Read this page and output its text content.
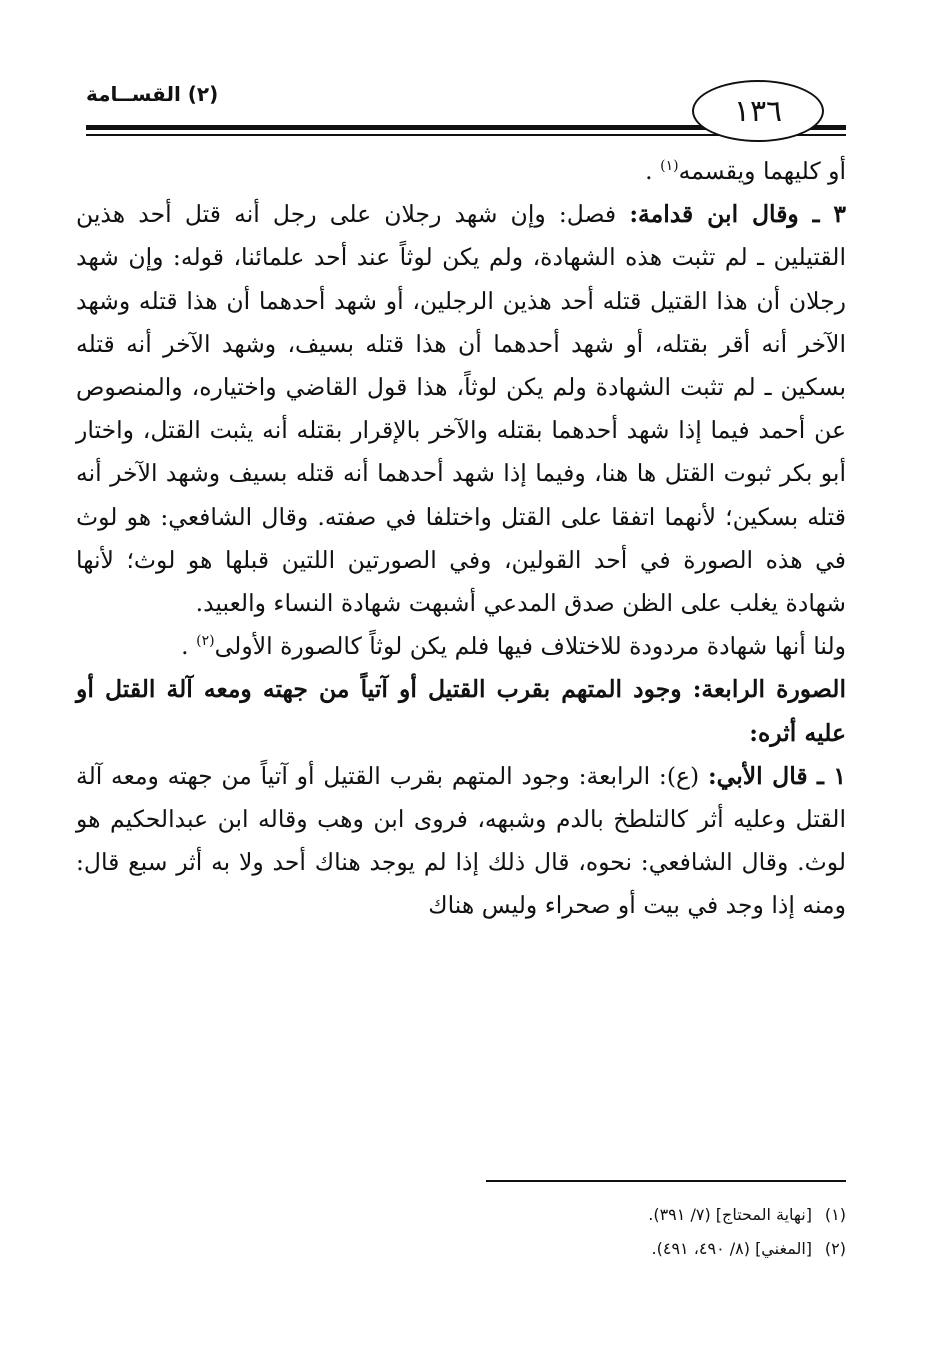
١٣٦
(٢) القســامة

أو كليهما ويقسمه$^{(١)}$ .

٣ ـ وقال ابن قدامة: فصل: وإن شهد رجلان على رجل أنه قتل أحد هذين القتيلين ـ لم تثبت هذه الشهادة، ولم يكن لوثاً عند أحد علمائنا، قوله: وإن شهد رجلان أن هذا القتيل قتله أحد هذين الرجلين، أو شهد أحدهما أن هذا قتله وشهد الآخر أنه أقر بقتله، أو شهد أحدهما أن هذا قتله بسيف، وشهد الآخر أنه قتله بسكين ـ لم تثبت الشهادة ولم يكن لوثاً، هذا قول القاضي واختياره، والمنصوص عن أحمد فيما إذا شهد أحدهما بقتله والآخر بالإقرار بقتله أنه يثبت القتل، واختار أبو بكر ثبوت القتل ها هنا، وفيما إذا شهد أحدهما أنه قتله بسيف وشهد الآخر أنه قتله بسكين؛ لأنهما اتفقا على القتل واختلفا في صفته. وقال الشافعي: هو لوث في هذه الصورة في أحد القولين، وفي الصورتين اللتين قبلها هو لوث؛ لأنها شهادة يغلب على الظن صدق المدعي أشبهت شهادة النساء والعبيد.

ولنا أنها شهادة مردودة للاختلاف فيها فلم يكن لوثاً كالصورة الأولى$^{(٢)}$ .

الصورة الرابعة: وجود المتهم بقرب القتيل أو آتياً من جهته ومعه آلة القتل أو عليه أثره:

١ ـ قال الأبي: (ع): الرابعة: وجود المتهم بقرب القتيل أو آتياً من جهته ومعه آلة القتل وعليه أثر كالتلطخ بالدم وشبهه، فروى ابن وهب وقاله ابن عبدالحكيم هو لوث. وقال الشافعي: نحوه، قال ذلك إذا لم يوجد هناك أحد ولا به أثر سبع قال: ومنه إذا وجد في بيت أو صحراء وليس هناك

(١)[نهاية المحتاج] (٧/ ٣٩١).
(٢)[المغني] (٨/ ٤٩٠، ٤٩١).
